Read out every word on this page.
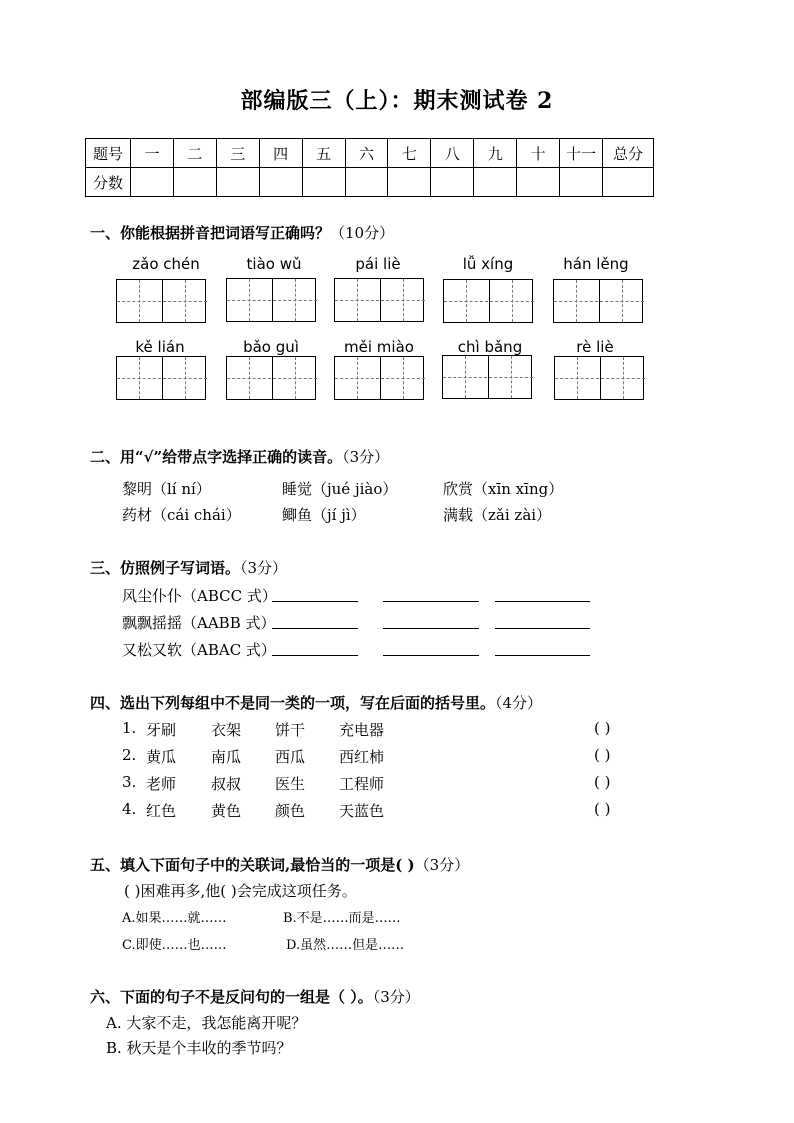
部编版三（上）：期末测试卷 2
题号	一	二	三	四	五	六	七	八	九	十	十一	总分
分数												
一、你能根据拼音把词语写正确吗？（10分）
zǎo chén	tiào wǔ	pái liè	lǚ xíng	hán lěng
kě lián	bǎo guì	měi miào	chì bǎng	rè liè
二、用“√”给带点字选择正确的读音。（3分）
黎明（lí ní）	睡觉（jué jiào）	欣赏（xīn xīng）
药材（cái chái）	鲫鱼（jí jì）	满载（zǎi zài）
三、仿照例子写词语。（3分）
风尘仆仆（ABCC 式）
飘飘摇摇（AABB 式）
又松又软（ABAC 式）
四、选出下列每组中不是同一类的一项，写在后面的括号里。（4分）
1. 牙刷 衣架 饼干 充电器	( )
2. 黄瓜 南瓜 西瓜 西红柿	( )
3. 老师 叔叔 医生 工程师	( )
4. 红色 黄色 颜色 天蓝色	( )
五、填入下面句子中的关联词,最恰当的一项是( )（3分）
( )困难再多,他( )会完成这项任务。
A.如果……就……	B.不是……而是……
C.即使……也……	D.虽然……但是……
六、下面的句子不是反问句的一组是（ ）。（3分）
A. 大家不走，我怎能离开呢？
B. 秋天是个丰收的季节吗？
